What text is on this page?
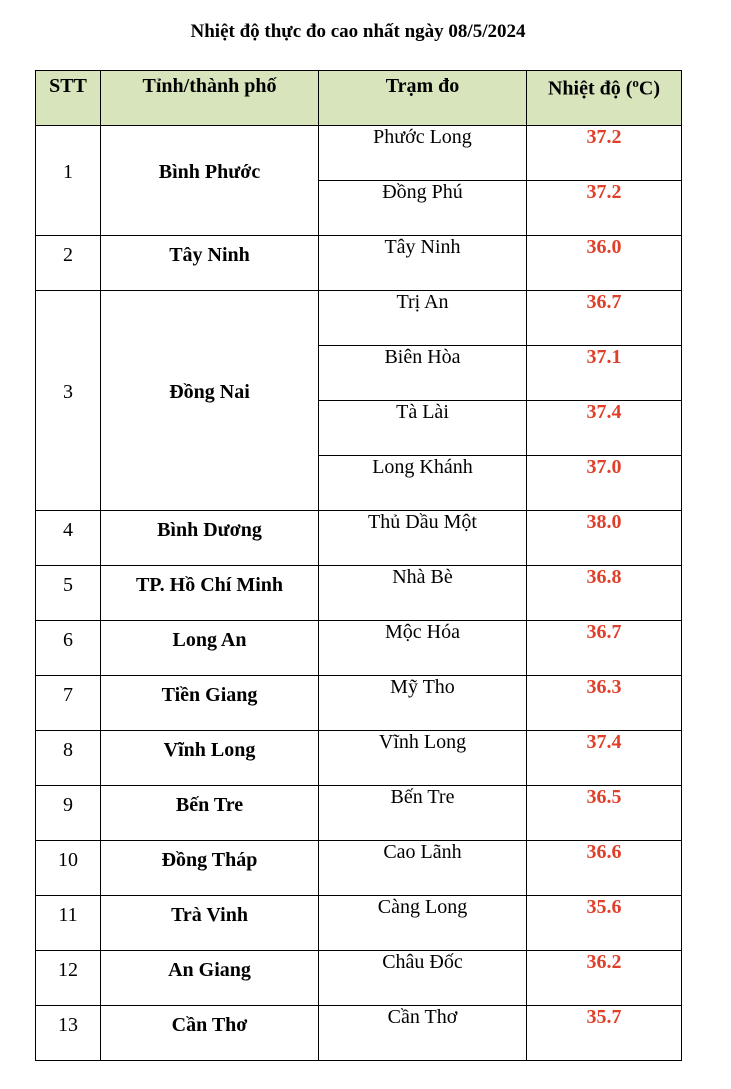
Nhiệt độ thực đo cao nhất ngày 08/5/2024
STT	Tỉnh/thành phố	Trạm đo	Nhiệt độ ($^o$C)
1	Bình Phước	Phước Long	37.2
		Đồng Phú	37.2
2	Tây Ninh	Tây Ninh	36.0
3	Đồng Nai	Trị An	36.7
		Biên Hòa	37.1
		Tà Lài	37.4
		Long Khánh	37.0
4	Bình Dương	Thủ Dầu Một	38.0
5	TP. Hồ Chí Minh	Nhà Bè	36.8
6	Long An	Mộc Hóa	36.7
7	Tiền Giang	Mỹ Tho	36.3
8	Vĩnh Long	Vĩnh Long	37.4
9	Bến Tre	Bến Tre	36.5
10	Đồng Tháp	Cao Lãnh	36.6
11	Trà Vinh	Càng Long	35.6
12	An Giang	Châu Đốc	36.2
13	Cần Thơ	Cần Thơ	35.7
